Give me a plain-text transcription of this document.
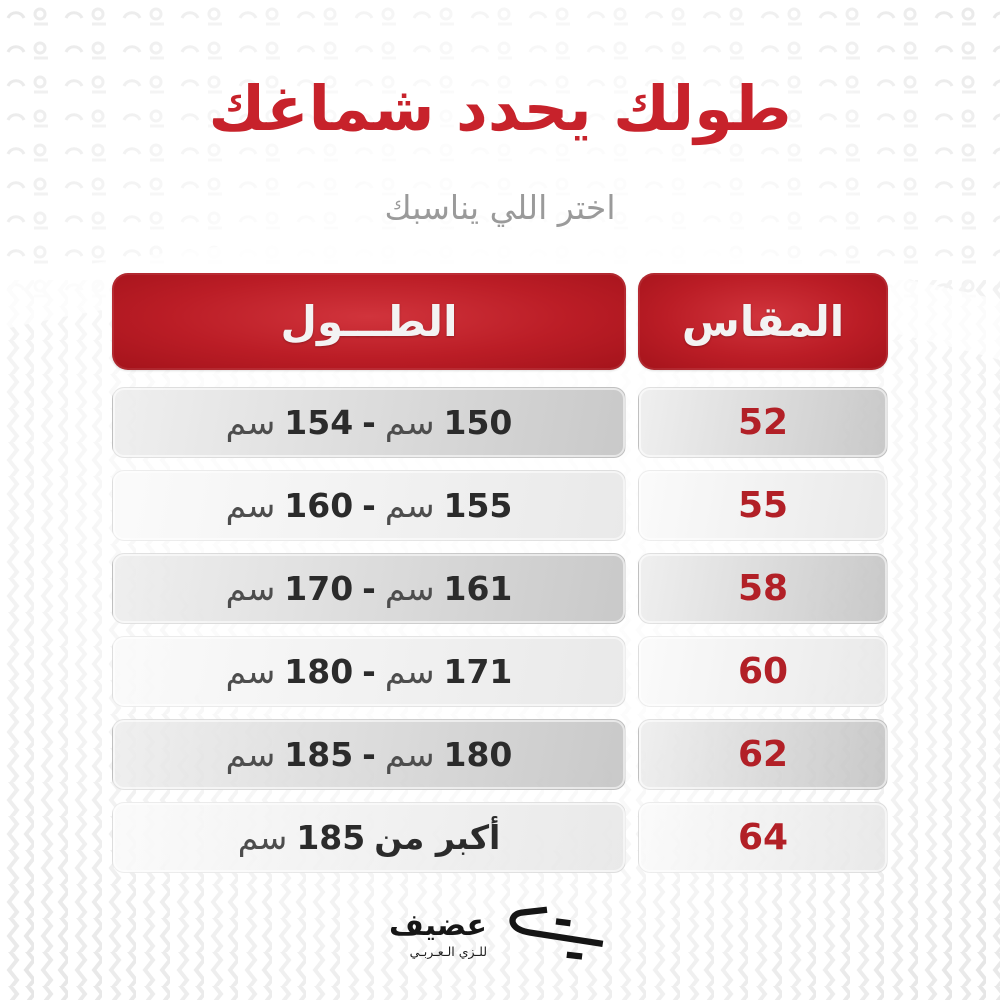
طولك يحدد شماغك
اختر اللي يناسبك
المقاس
الطـــول
52
150
سم
-
154
سم
55
155
سم
-
160
سم
58
161
سم
-
170
سم
60
171
سم
-
180
سم
62
180
سم
-
185
سم
64
أكبر من
185
سم
عضيف
للـزي الـعـربـي
